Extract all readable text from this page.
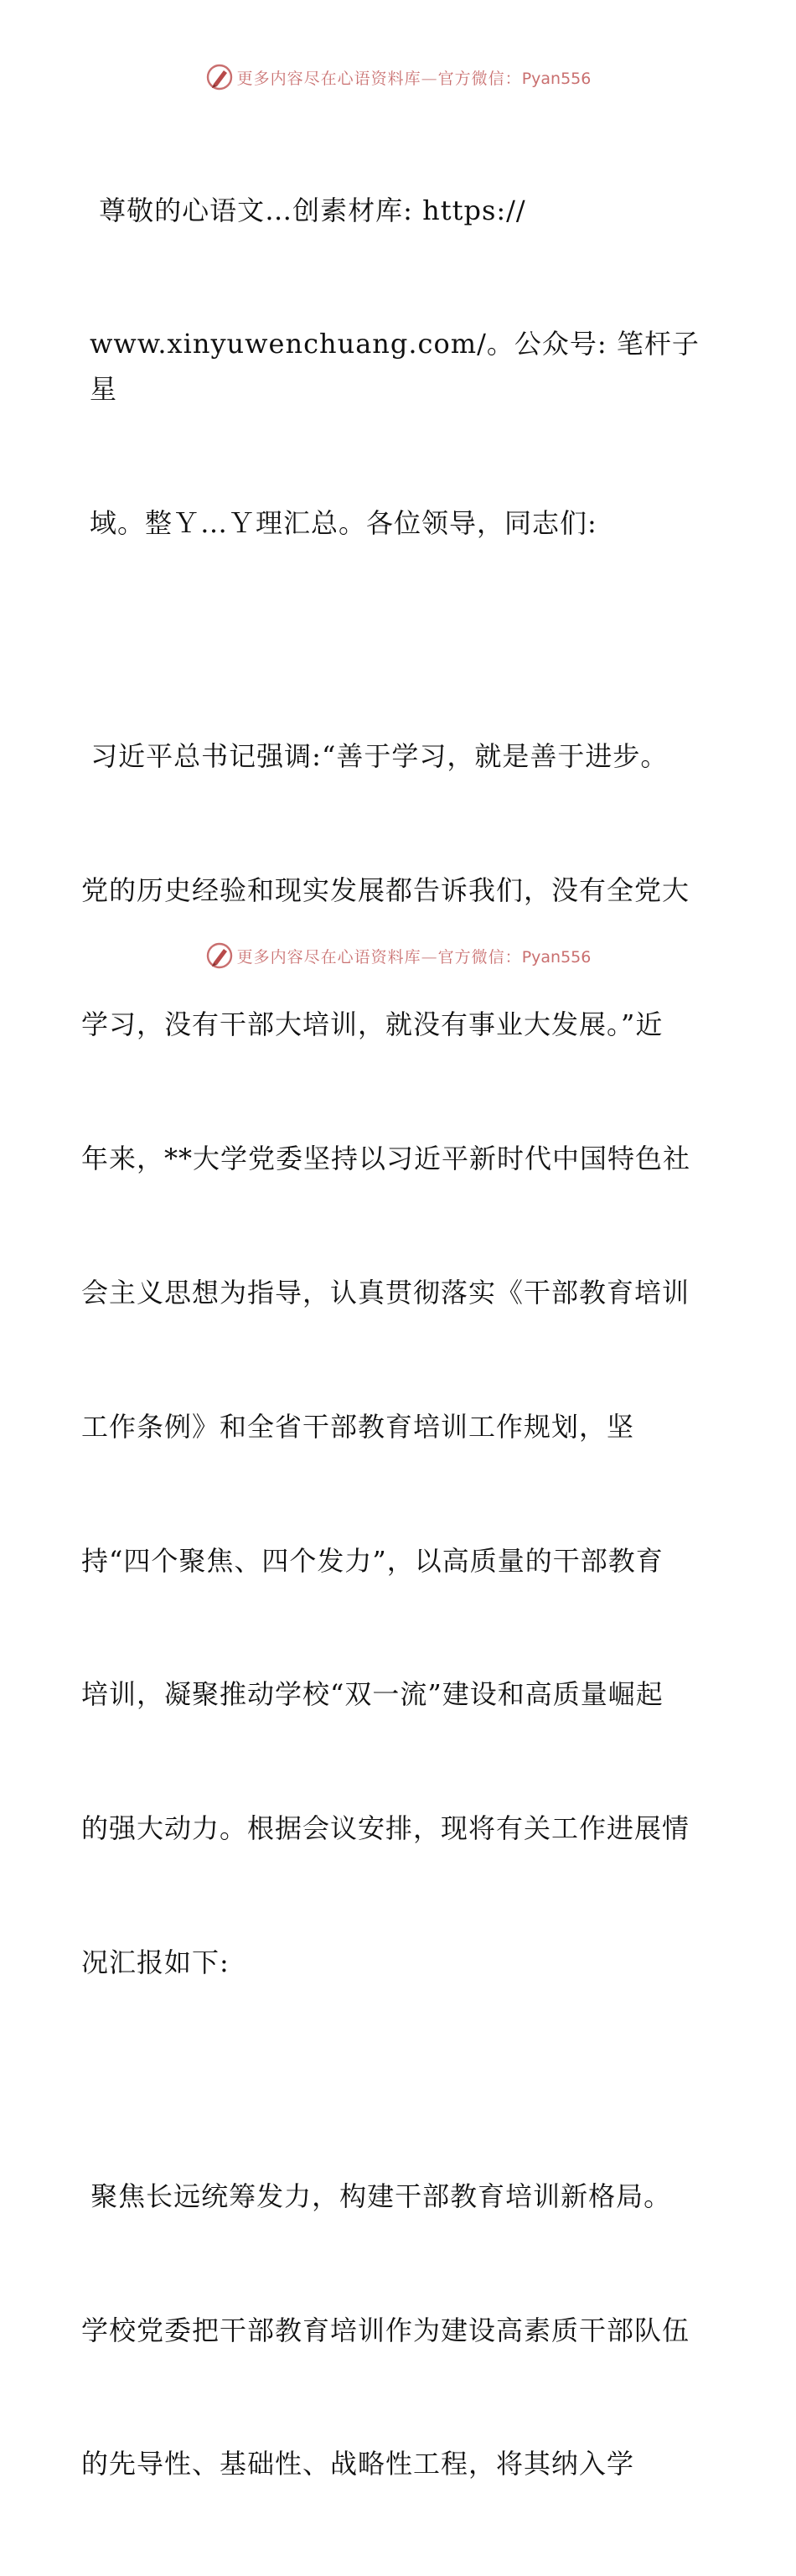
更多内容尽在心语资料库—官方微信：Pyan556

尊敬的心语文…创素材库: https://

www.xinyuwenchuang.com/。公众号: 笔杆子星

域。整Ｙ…Ｙ理汇总。各位领导，同志们:

习近平总书记强调:“善于学习，就是善于进步。

党的历史经验和现实发展都告诉我们，没有全党大

学习，没有干部大培训，就没有事业大发展。”近

年来，**大学党委坚持以习近平新时代中国特色社

会主义思想为指导，认真贯彻落实《干部教育培训

工作条例》和全省干部教育培训工作规划，坚

持“四个聚焦、四个发力”，以高质量的干部教育

培训，凝聚推动学校“双一流”建设和高质量崛起

的强大动力。根据会议安排，现将有关工作进展情

况汇报如下:

聚焦长远统筹发力，构建干部教育培训新格局。

学校党委把干部教育培训作为建设高素质干部队伍

的先导性、基础性、战略性工程，将其纳入学

更多内容尽在心语资料库—官方微信：Pyan556
